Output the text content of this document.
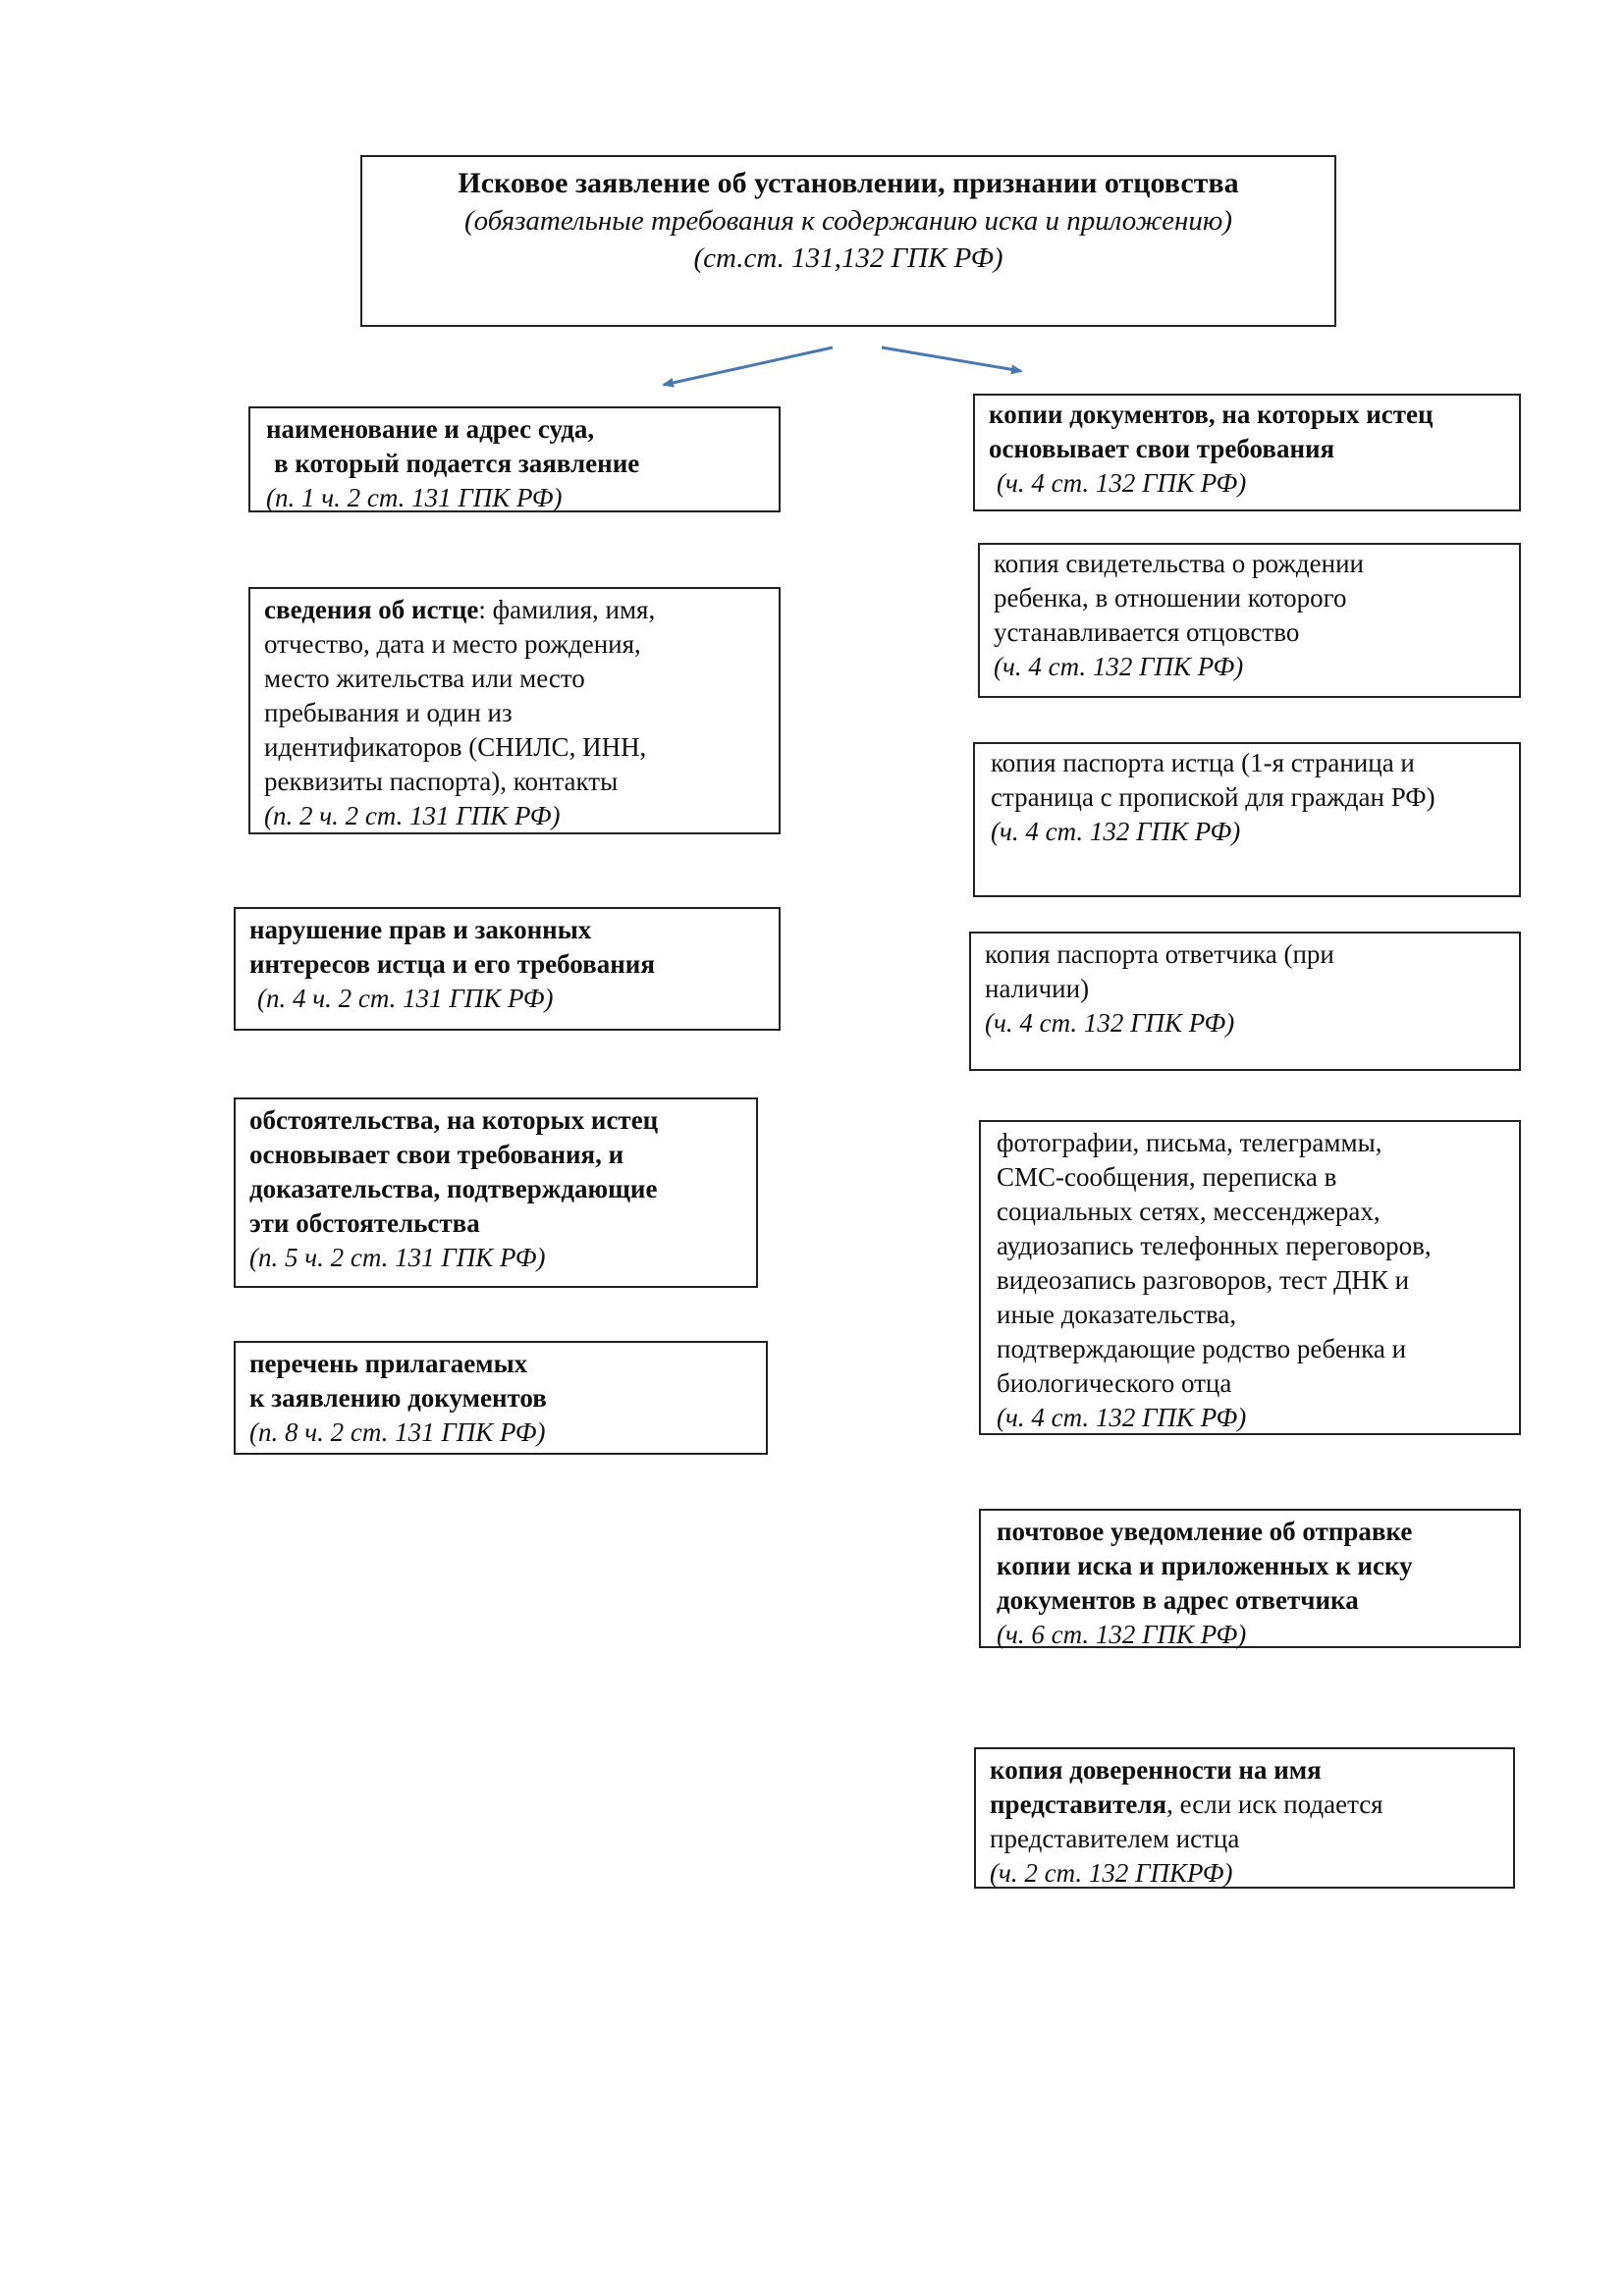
Исковое заявление об установлении, признании отцовства
(обязательные требования к содержанию иска и приложению)
(ст.ст. 131,132 ГПК РФ)
наименование и адрес суда,
в который подается заявление
(п. 1 ч. 2 ст. 131 ГПК РФ)
сведения об истце: фамилия, имя,
отчество, дата и место рождения,
место жительства или место
пребывания и один из
идентификаторов (СНИЛС, ИНН,
реквизиты паспорта), контакты
(п. 2 ч. 2 ст. 131 ГПК РФ)
нарушение прав и законных
интересов истца и его требования
(п. 4 ч. 2 ст. 131 ГПК РФ)
обстоятельства, на которых истец
основывает свои требования, и
доказательства, подтверждающие
эти обстоятельства
(п. 5 ч. 2 ст. 131 ГПК РФ)
перечень прилагаемых
к заявлению документов
(п. 8 ч. 2 ст. 131 ГПК РФ)
копии документов, на которых истец
основывает свои требования
(ч. 4 ст. 132 ГПК РФ)
копия свидетельства о рождении
ребенка, в отношении которого
устанавливается отцовство
(ч. 4 ст. 132 ГПК РФ)
копия паспорта истца (1-я страница и
страница с пропиской для граждан РФ)
(ч. 4 ст. 132 ГПК РФ)
копия паспорта ответчика (при
наличии)
(ч. 4 ст. 132 ГПК РФ)
фотографии, письма, телеграммы,
СМС-сообщения, переписка в
социальных сетях, мессенджерах,
аудиозапись телефонных переговоров,
видеозапись разговоров, тест ДНК и
иные доказательства,
подтверждающие родство ребенка и
биологического отца
(ч. 4 ст. 132 ГПК РФ)
почтовое уведомление об отправке
копии иска и приложенных к иску
документов в адрес ответчика
(ч. 6 ст. 132 ГПК РФ)
копия доверенности на имя
представителя, если иск подается
представителем истца
(ч. 2 ст. 132 ГПКРФ)
